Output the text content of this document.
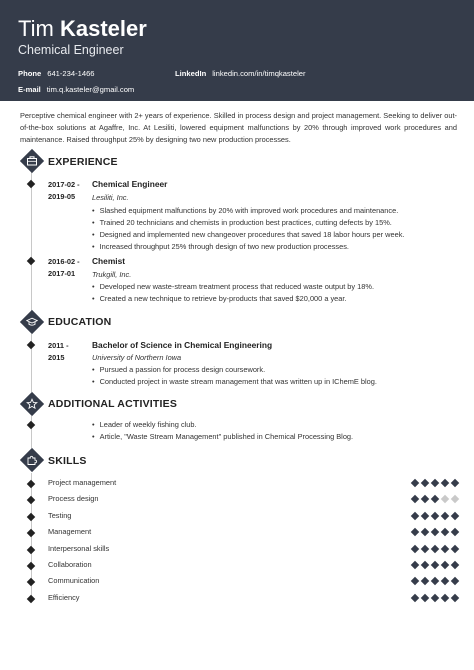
Tim Kasteler
Chemical Engineer
Phone 641-234-1466	LinkedIn linkedin.com/in/timqkasteler
E-mail tim.q.kasteler@gmail.com
Perceptive chemical engineer with 2+ years of experience. Skilled in process design and project management. Seeking to deliver out-of-the-box solutions at Agaffre, Inc. At Lesiliti, lowered equipment malfunctions by 20% through improved work procedures and maintenance. Raised throughput 25% by designing two new production processes.
EXPERIENCE
2017-02 -
2019-05
Chemical Engineer
Lesiliti, Inc.
• Slashed equipment malfunctions by 20% with improved work procedures and maintenance.
• Trained 20 technicians and chemists in production best practices, cutting defects by 15%.
• Designed and implemented new changeover procedures that saved 18 labor hours per week.
• Increased throughput 25% through design of two new production processes.
2016-02 -
2017-01
Chemist
Trukgill, Inc.
• Developed new waste-stream treatment process that reduced waste output by 18%.
• Created a new technique to retrieve by-products that saved $20,000 a year.
EDUCATION
2011 -
2015
Bachelor of Science in Chemical Engineering
University of Northern Iowa
• Pursued a passion for process design coursework.
• Conducted project in waste stream management that was written up in IChemE blog.
ADDITIONAL ACTIVITIES
• Leader of weekly fishing club.
• Article, "Waste Stream Management" published in Chemical Processing Blog.
SKILLS
Project management
Process design
Testing
Management
Interpersonal skills
Collaboration
Communication
Efficiency
